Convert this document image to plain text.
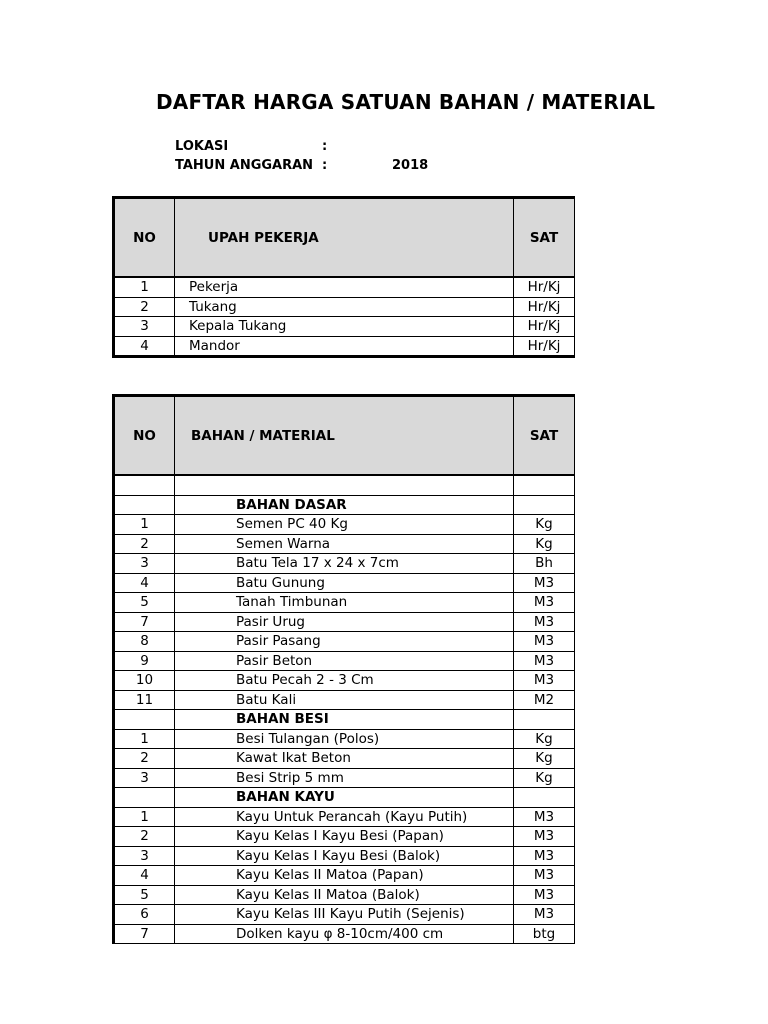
DAFTAR HARGA SATUAN BAHAN / MATERIAL
LOKASI	:
TAHUN ANGGARAN :	2018
NO	UPAH PEKERJA	SAT
1	Pekerja	Hr/Kj
2	Tukang	Hr/Kj
3	Kepala Tukang	Hr/Kj
4	Mandor	Hr/Kj
NO	BAHAN / MATERIAL	SAT

	BAHAN DASAR	
1	Semen PC 40 Kg	Kg
2	Semen Warna	Kg
3	Batu Tela 17 x 24 x 7cm	Bh
4	Batu Gunung	M3
5	Tanah Timbunan	M3
7	Pasir Urug	M3
8	Pasir Pasang	M3
9	Pasir Beton	M3
10	Batu Pecah 2 - 3 Cm	M3
11	Batu Kali	M2
	BAHAN BESI	
1	Besi Tulangan (Polos)	Kg
2	Kawat Ikat Beton	Kg
3	Besi Strip 5 mm	Kg
	BAHAN KAYU	
1	Kayu Untuk Perancah (Kayu Putih)	M3
2	Kayu Kelas I Kayu Besi (Papan)	M3
3	Kayu Kelas I Kayu Besi (Balok)	M3
4	Kayu Kelas II Matoa (Papan)	M3
5	Kayu Kelas II Matoa (Balok)	M3
6	Kayu Kelas III Kayu Putih (Sejenis)	M3
7	Dolken kayu φ 8-10cm/400 cm	btg
